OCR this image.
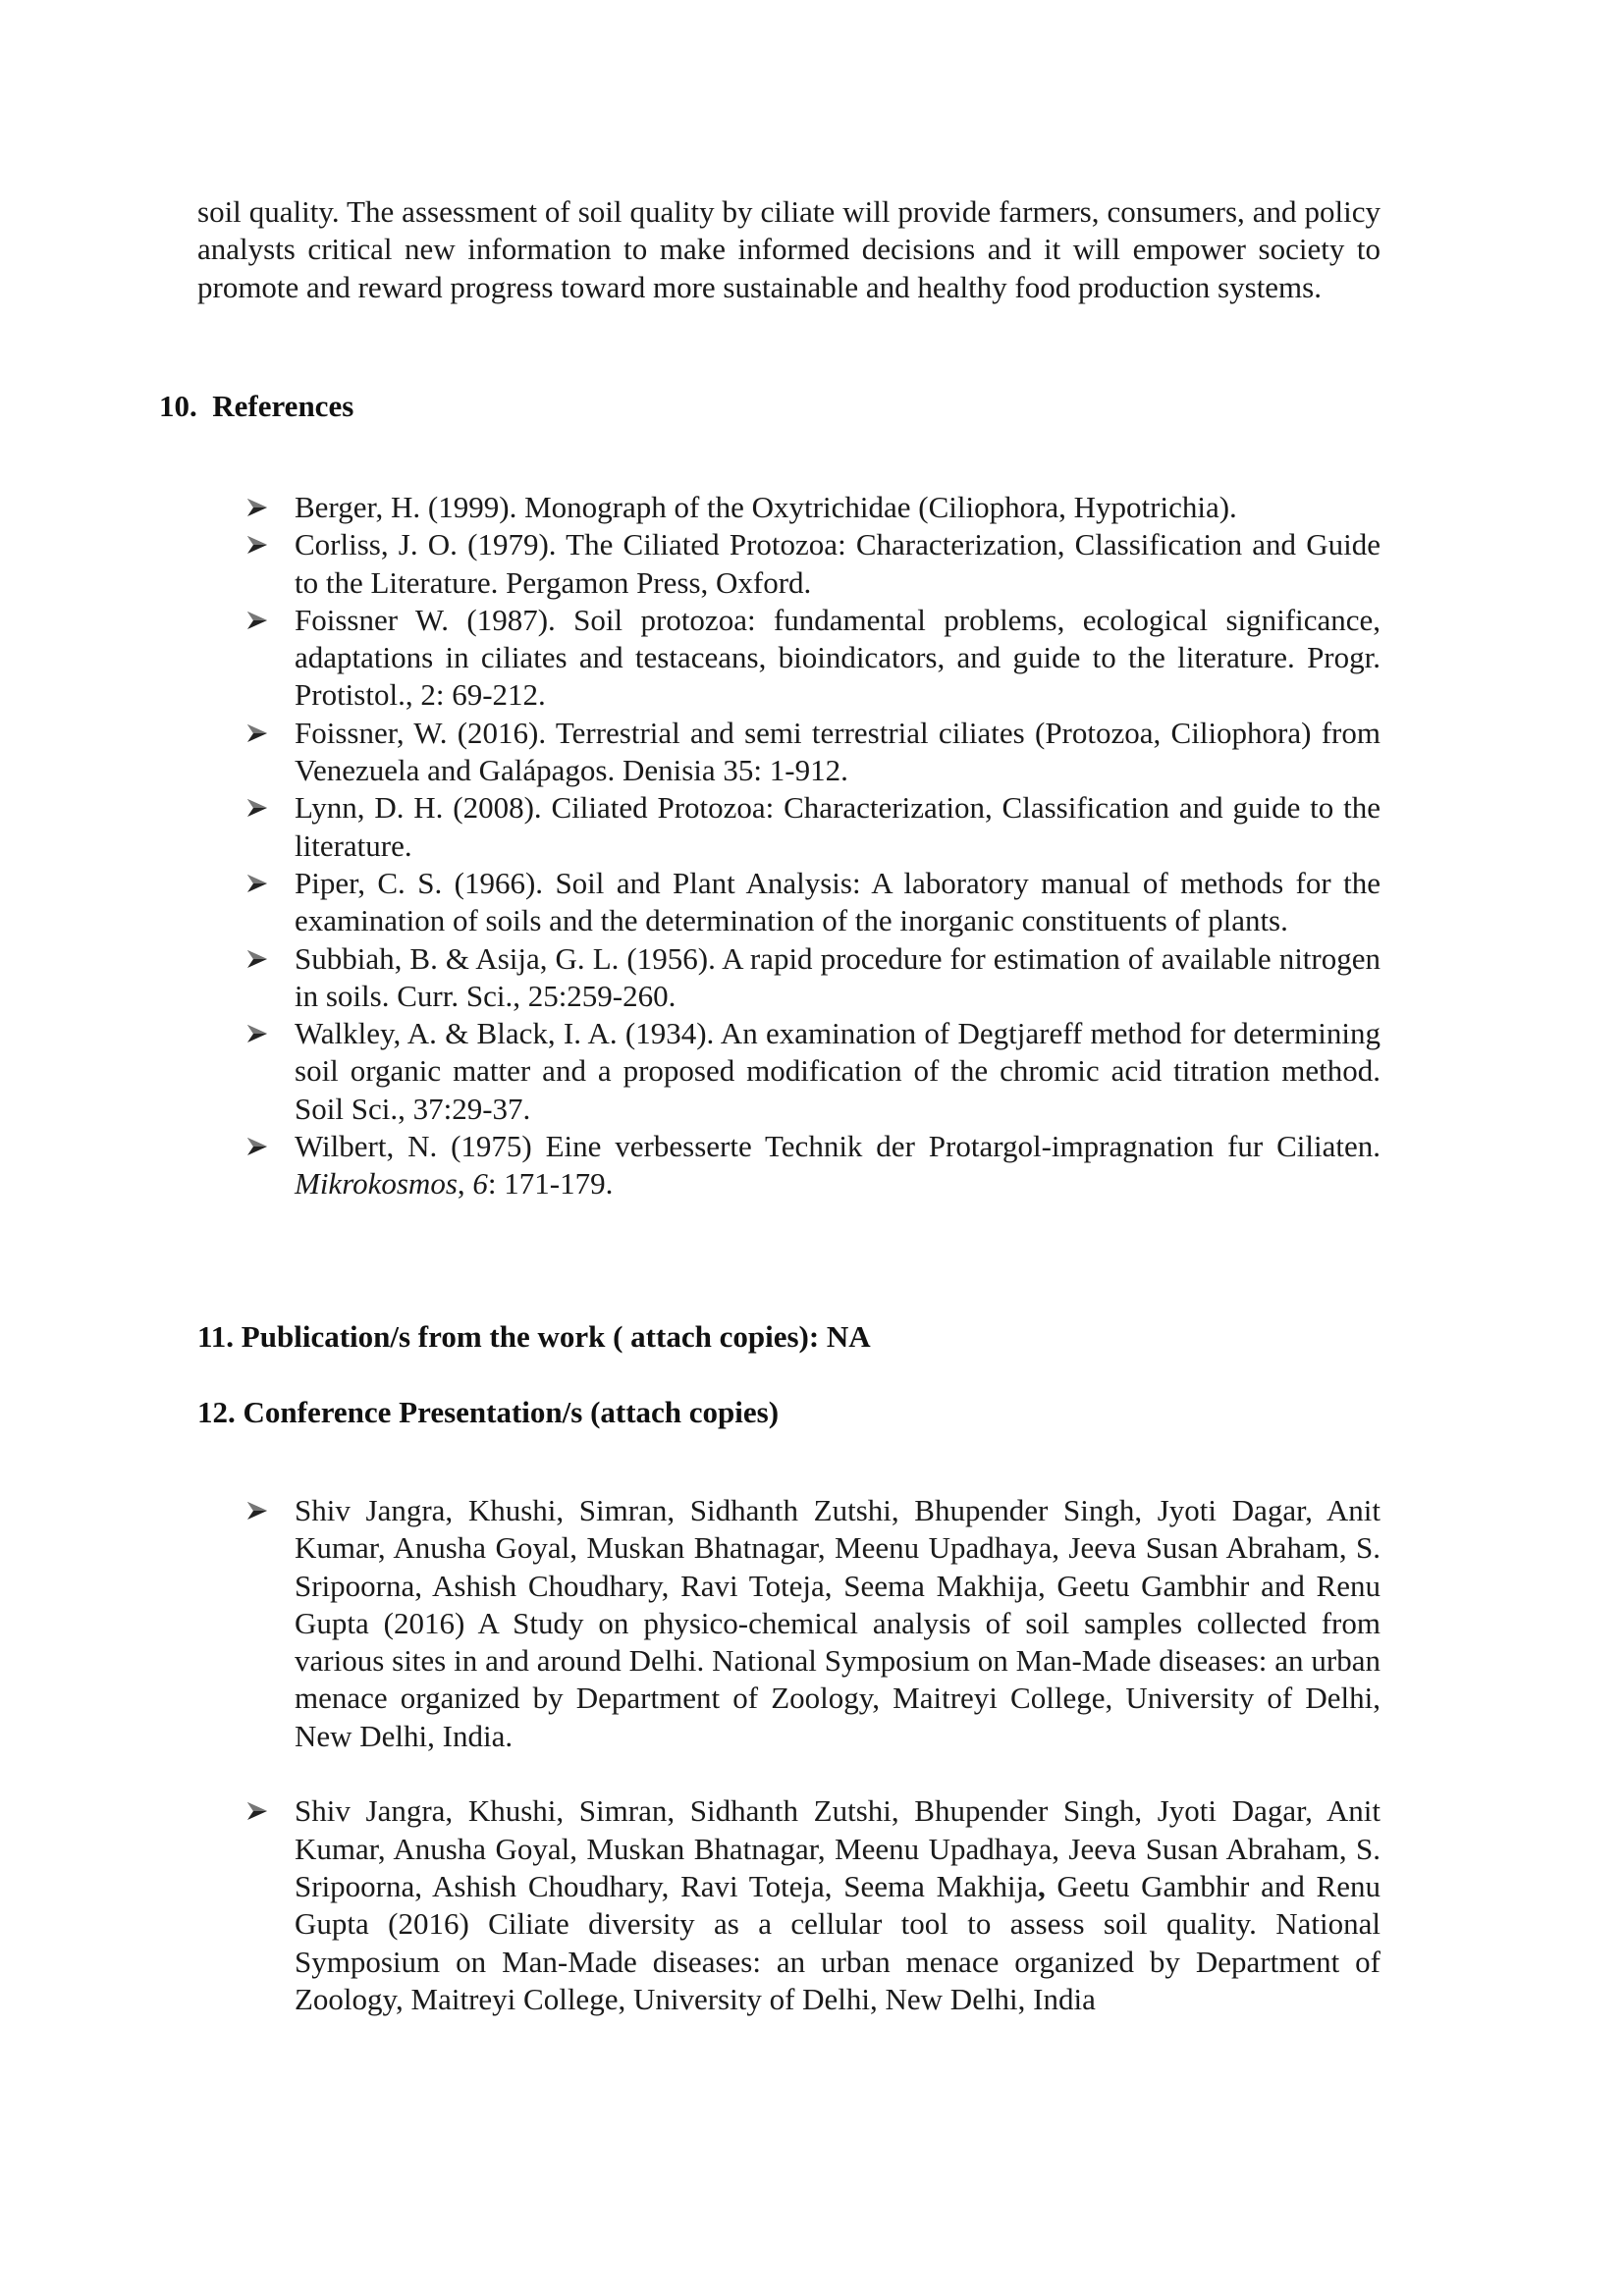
soil quality. The assessment of soil quality by ciliate will provide farmers, consumers, and policy analysts critical new information to make informed decisions and it will empower society to promote and reward progress toward more sustainable and healthy food production systems.

10. References
Berger, H. (1999). Monograph of the Oxytrichidae (Ciliophora, Hypotrichia).
Corliss, J. O. (1979). The Ciliated Protozoa: Characterization, Classification and Guide to the Literature. Pergamon Press, Oxford.
Foissner W. (1987). Soil protozoa: fundamental problems, ecological significance, adaptations in ciliates and testaceans, bioindicators, and guide to the literature. Progr. Protistol., 2: 69-212.
Foissner, W. (2016). Terrestrial and semi terrestrial ciliates (Protozoa, Ciliophora) from Venezuela and Galápagos. Denisia 35: 1-912.
Lynn, D. H. (2008). Ciliated Protozoa: Characterization, Classification and guide to the literature.
Piper, C. S. (1966). Soil and Plant Analysis: A laboratory manual of methods for the examination of soils and the determination of the inorganic constituents of plants.
Subbiah, B. & Asija, G. L. (1956). A rapid procedure for estimation of available nitrogen in soils. Curr. Sci., 25:259-260.
Walkley, A. & Black, I. A. (1934). An examination of Degtjareff method for determining soil organic matter and a proposed modification of the chromic acid titration method. Soil Sci., 37:29-37.
Wilbert, N. (1975) Eine verbesserte Technik der Protargol-impragnation fur Ciliaten. Mikrokosmos, 6: 171-179.
11. Publication/s from the work ( attach copies): NA
12. Conference Presentation/s (attach copies)
Shiv Jangra, Khushi, Simran, Sidhanth Zutshi, Bhupender Singh, Jyoti Dagar, Anit Kumar, Anusha Goyal, Muskan Bhatnagar, Meenu Upadhaya, Jeeva Susan Abraham, S. Sripoorna, Ashish Choudhary, Ravi Toteja, Seema Makhija, Geetu Gambhir and Renu Gupta (2016) A Study on physico-chemical analysis of soil samples collected from various sites in and around Delhi. National Symposium on Man-Made diseases: an urban menace organized by Department of Zoology, Maitreyi College, University of Delhi, New Delhi, India.
Shiv Jangra, Khushi, Simran, Sidhanth Zutshi, Bhupender Singh, Jyoti Dagar, Anit Kumar, Anusha Goyal, Muskan Bhatnagar, Meenu Upadhaya, Jeeva Susan Abraham, S. Sripoorna, Ashish Choudhary, Ravi Toteja, Seema Makhija, Geetu Gambhir and Renu Gupta (2016) Ciliate diversity as a cellular tool to assess soil quality. National Symposium on Man-Made diseases: an urban menace organized by Department of Zoology, Maitreyi College, University of Delhi, New Delhi, India
